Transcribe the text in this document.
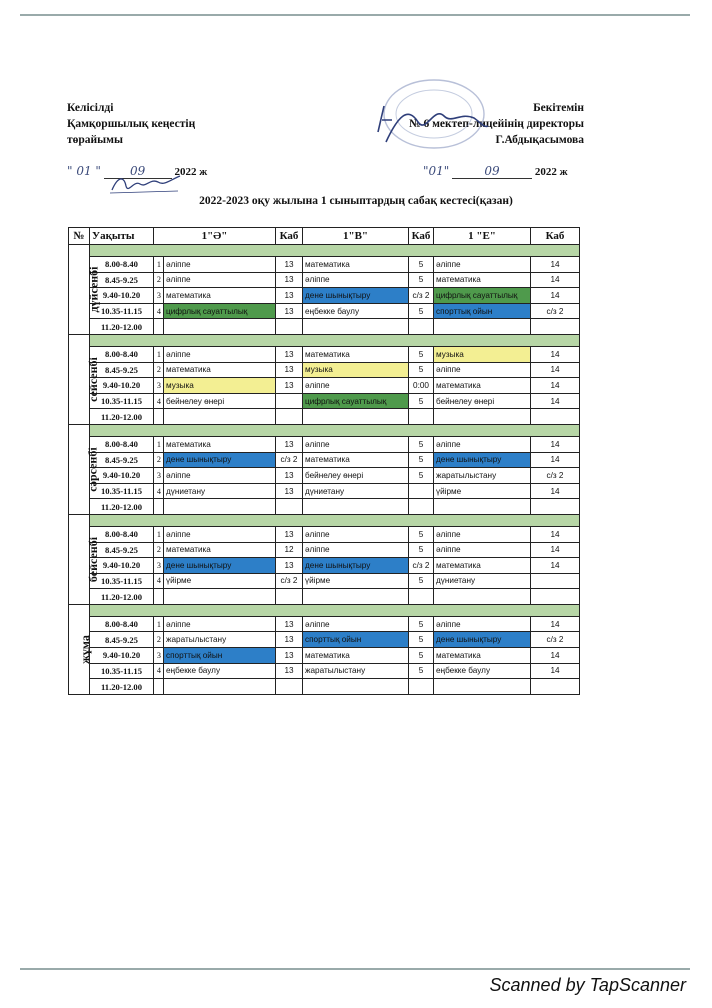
Келісілді
Қамқоршылық кеңестің
төрайымы
Бекітемін
№ 6 мектеп-лицейінің директоры
Г.Абдықасымова
" 01 " 09	2022 ж	"01"	09	2022 ж
2022-2023 оқу жылына 1 сыныптардың сабақ кестесі(қазан)
№	Уақыты	1"Ә"		Каб	1"В"	Каб	1 "Е"	Каб
дүйсенбі								
	8.00-8.40	1	әліппе	13	математика	5	әліппе	14
	8.45-9.25	2	әліппе	13	әліппе	5	математика	14
	9.40-10.20	3	математика	13	дене шынықтыру	с/з 2	цифрлық сауаттылық	14
	10.35-11.15	4	цифрлық сауаттылық	13	еңбекке баулу	5	спорттық ойын	с/з 2
	11.20-12.00							
сейсенбі								
	8.00-8.40	1	әліппе	13	математика	5	музыка	14
	8.45-9.25	2	математика	13	музыка	5	әліппе	14
	9.40-10.20	3	музыка	13	әліппе	0:00	математика	14
	10.35-11.15	4	бейнелеу өнері		цифрлық сауаттылық	5	бейнелеу өнері	14
	11.20-12.00							
сәрсенбі								
	8.00-8.40	1	математика	13	әліппе	5	әліппе	14
	8.45-9.25	2	дене шынықтыру	с/з 2	математика	5	дене шынықтыру	14
	9.40-10.20	3	әліппе	13	бейнелеу өнері	5	жаратылыстану	с/з 2
	10.35-11.15	4	дүниетану	13	дүниетану		үйірме	14
	11.20-12.00							
бейсенбі								
	8.00-8.40	1	әліппе	13	әліппе	5	әліппе	14
	8.45-9.25	2	математика	12	әліппе	5	әліппе	14
	9.40-10.20	3	дене шынықтыру	13	дене шынықтыру	с/з 2	математика	14
	10.35-11.15	4	үйірме	с/з 2	үйірме	5	дүниетану	
	11.20-12.00							
жұма								
	8.00-8.40	1	әліппе	13	әліппе	5	әліппе	14
	8.45-9.25	2	жаратылыстану	13	спорттық ойын	5	дене шынықтыру	с/з 2
	9.40-10.20	3	спорттық ойын	13	математика	5	математика	14
	10.35-11.15	4	еңбекке баулу	13	жаратылыстану	5	еңбекке баулу	14
	11.20-12.00							
Scanned by TapScanner
